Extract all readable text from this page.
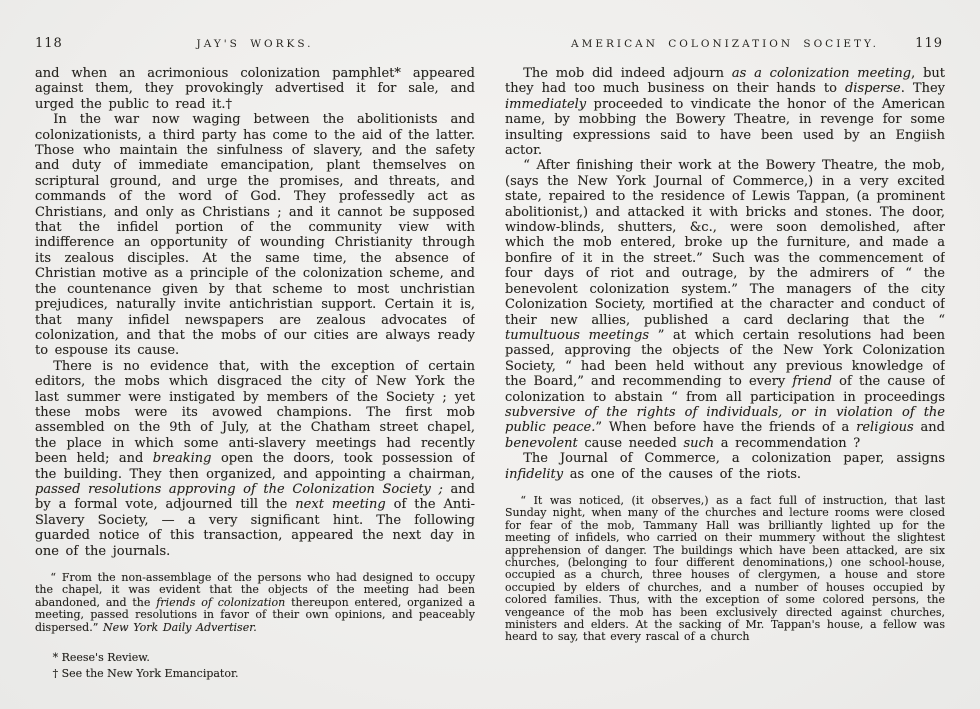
118	JAY'S WORKS.

and when an acrimonious colonization pamphlet* appeared against them, they provokingly advertised it for sale, and urged the public to read it.†

In the war now waging between the abolitionists and colonizationists, a third party has come to the aid of the latter. Those who maintain the sinfulness of slavery, and the safety and duty of immediate emancipation, plant themselves on scriptural ground, and urge the promises, and threats, and commands of the word of God. They professedly act as Christians, and only as Christians ; and it cannot be supposed that the infidel portion of the community view with indifference an opportunity of wounding Christianity through its zealous disciples. At the same time, the absence of Christian motive as a principle of the colonization scheme, and the countenance given by that scheme to most unchristian prejudices, naturally invite antichristian support. Certain it is, that many infidel newspapers are zealous advocates of colonization, and that the mobs of our cities are always ready to espouse its cause.

There is no evidence that, with the exception of certain editors, the mobs which disgraced the city of New York the last summer were instigated by members of the Society ; yet these mobs were its avowed champions. The first mob assembled on the 9th of July, at the Chatham street chapel, the place in which some anti-slavery meetings had recently been held; and breaking open the doors, took possession of the building. They then organized, and appointing a chairman, passed resolutions approving of the Colonization Society ; and by a formal vote, adjourned till the next meeting of the Anti-Slavery Society, — a very significant hint. The following guarded notice of this transaction, appeared the next day in one of the journals.

“ From the non-assemblage of the persons who had designed to occupy the chapel, it was evident that the objects of the meeting had been abandoned, and the friends of colonization thereupon entered, organized a meeting, passed resolutions in favor of their own opinions, and peaceably dispersed.” New York Daily Advertiser.

* Reese's Review.

† See the New York Emancipator.

119
AMERICAN COLONIZATION SOCIETY.

The mob did indeed adjourn as a colonization meeting, but they had too much business on their hands to disperse. They immediately proceeded to vindicate the honor of the American name, by mobbing the Bowery Theatre, in revenge for some insulting expressions said to have been used by an Engiish actor.

“ After finishing their work at the Bowery Theatre, the mob, (says the New York Journal of Commerce,) in a very excited state, repaired to the residence of Lewis Tappan, (a prominent abolitionist,) and attacked it with bricks and stones. The door, window-blinds, shutters, &c., were soon demolished, after which the mob entered, broke up the furniture, and made a bonfire of it in the street.” Such was the commencement of four days of riot and outrage, by the admirers of “ the benevolent colonization system.” The managers of the city Colonization Society, mortified at the character and conduct of their new allies, published a card declaring that the “ tumultuous meetings ” at which certain resolutions had been passed, approving the objects of the New York Colonization Society, “ had been held without any previous knowledge of the Board,” and recommending to every friend of the cause of colonization to abstain “ from all participation in proceedings subversive of the rights of individuals, or in violation of the public peace.” When before have the friends of a religious and benevolent cause needed such a recommendation ?

The Journal of Commerce, a colonization paper, assigns infidelity as one of the causes of the riots.

“ It was noticed, (it observes,) as a fact full of instruction, that last Sunday night, when many of the churches and lecture rooms were closed for fear of the mob, Tammany Hall was brilliantly lighted up for the meeting of infidels, who carried on their mummery without the slightest apprehension of danger. The buildings which have been attacked, are six churches, (belonging to four different denominations,) one school-house, occupied as a church, three houses of clergymen, a house and store occupied by elders of churches, and a number of houses occupied by colored families. Thus, with the exception of some colored persons, the vengeance of the mob has been exclusively directed against churches, ministers and elders. At the sacking of Mr. Tappan's house, a fellow was heard to say, that every rascal of a church
